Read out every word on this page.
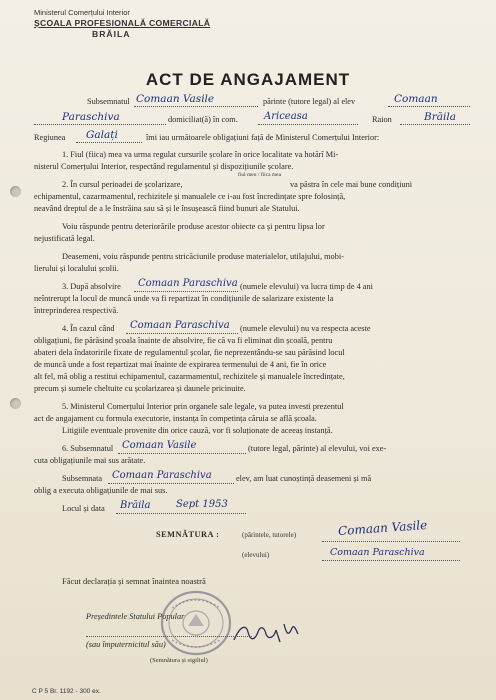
Ministerul Comerțului Interior
ȘCOALA PROFESIONALĂ COMERCIALĂ
BRĂILA
ACT DE ANGAJAMENT
Subsemnatul Comaan Vasile	părinte (tutore legal) al elev	Comaan
Paraschiva	domiciliat(ă) în com.	Ariceasa	Raion	Brăila
Regiunea Galați	îmi iau următoarele obligațiuni față de Ministerul Comerțului Interior:
1. Fiul (fiica) mea va urma regulat cursurile școlare în orice localitate va hotărî Mi-
nisterul Comerțului Interior, respectând regulamentul și dispozițiunile școlare.
fiul meu / fiica mea
2. În cursul perioadei de școlarizare,	va păstra în cele mai bune condițiuni
echipamentul, cazarmamentul, rechizitele și manualele ce i-au fost încredințate spre folosință,
neavând dreptul de a le înstrăina sau să și le însușească fiind bunuri ale Statului.
Voiu răspunde pentru deteriorările produse acestor obiecte ca și pentru lipsa lor
nejustificată legal.
Deasemeni, voiu răspunde pentru stricăciunile produse materialelor, utilajului, mobi-
lierului și localului școlii.
3. După absolvire Comaan Paraschiva (numele elevului) va lucra timp de 4 ani
neîntrerupt la locul de muncă unde va fi repartizat în condițiunile de salarizare existente la
întreprinderea respectivă.
4. În cazul când Comaan Paraschiva (numele elevului) nu va respecta aceste
obligațiuni, fie părăsind școala înainte de absolvire, fie că va fi eliminat din școală, pentru
abateri dela îndatoririle fixate de regulamentul școlar, fie neprezentându-se sau părăsind locul
de muncă unde a fost repartizat mai înainte de expirarea termenului de 4 ani, fie în orice
alt fel, mă oblig a restitui echipamentul, cazarmamentul, rechizitele și manualele încredințate,
precum și sumele cheltuite cu școlarizarea și daunele pricinuite.
5. Ministerul Comerțului Interior prin organele sale legale, va putea investi prezentul
act de angajament cu formula executorie, instanța în competința căruia se află școala.
Litigiile eventuale provenite din orice cauză, vor fi soluționate de aceeaș instanță.
6. Subsemnatul Comaan Vasile	(tutore legal, părinte) al elevului, voi exe-
cuta obligațiunile mai sus arătate.
Subsemnata Comaan Paraschiva	elev, am luat cunoștință deasemeni și mă
oblig a executa obligațiunile de mai sus.
Locul și data Brăila	Sept 1953
SEMNĂTURA :	(părintele, tutorele)	Comaan Vasile
(elevului)	Comaan Paraschiva
Făcut declarația și semnat înaintea noastră
Președintele Statului Popular
(sau împuternicitul său)
(Semnătura și sigiliul)
C P 5 Br. 1192 - 300 ex.
